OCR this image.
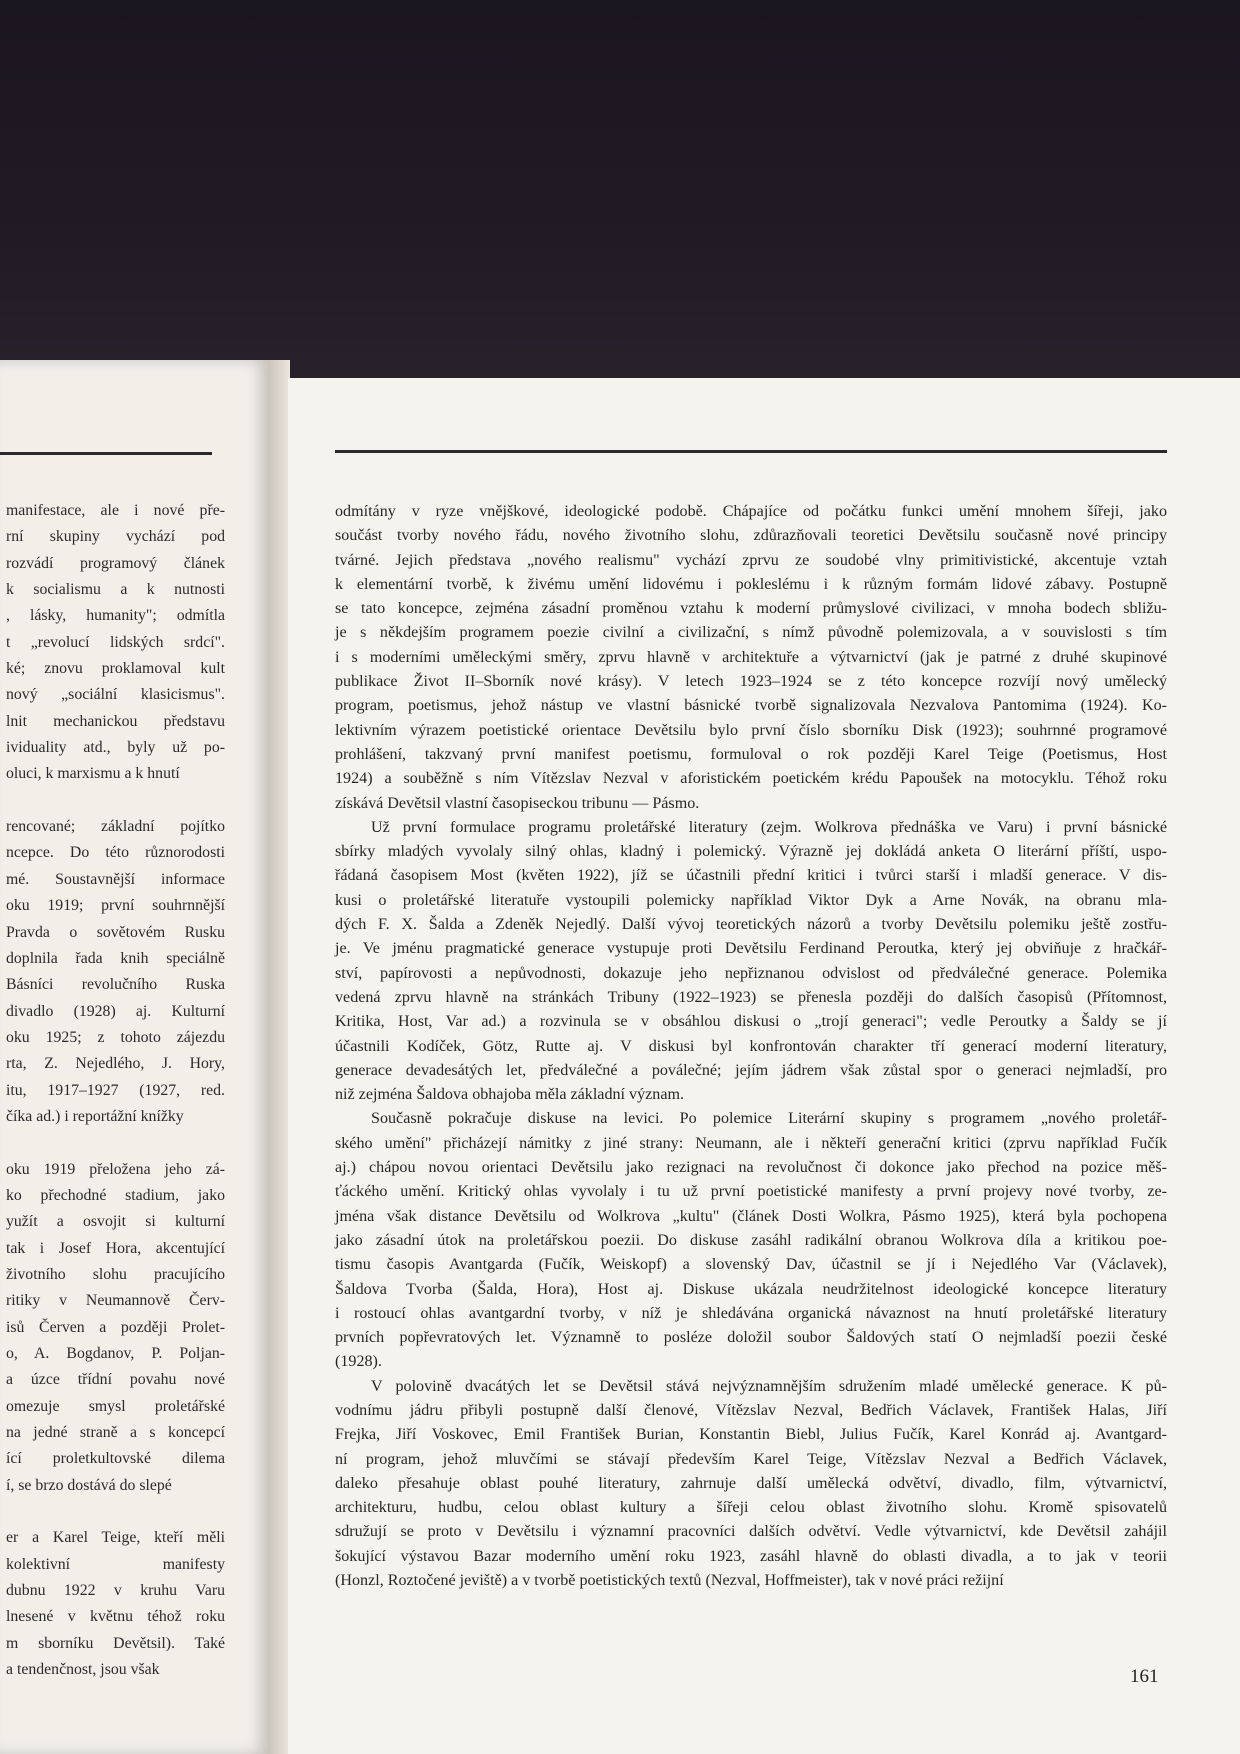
manifestace, ale i nové pře-
rní skupiny vychází pod
rozvádí programový článek
k socialismu a k nutnosti
, lásky, humanity"; odmítla
t „revolucí lidských srdcí".
ké; znovu proklamoval kult
nový „sociální klasicismus".
lnit mechanickou představu
ividuality atd., byly už po-
oluci, k marxismu a k hnutí
rencované; základní pojítko
ncepce. Do této různorodosti
mé. Soustavnější informace
oku 1919; první souhrnnější
Pravda o sovětovém Rusku
doplnila řada knih speciálně
Básníci revolučního Ruska
divadlo (1928) aj. Kulturní
oku 1925; z tohoto zájezdu
rta, Z. Nejedlého, J. Hory,
itu, 1917–1927 (1927, red.
číka ad.) i reportážní knížky
oku 1919 přeložena jeho zá-
ko přechodné stadium, jako
yužít a osvojit si kulturní
tak i Josef Hora, akcentující
životního slohu pracujícího
ritiky v Neumannově Červ-
isů Červen a později Prolet-
o, A. Bogdanov, P. Poljan-
a úzce třídní povahu nové
omezuje smysl proletářské
na jedné straně a s koncepcí
ící proletkultovské dilema
í, se brzo dostává do slepé
er a Karel Teige, kteří měli
kolektivní manifesty
dubnu 1922 v kruhu Varu
lnesené v květnu téhož roku
m sborníku Devětsil). Také
a tendenčnost, jsou však

odmítány v ryze vnějškové, ideologické podobě. Chápajíce od počátku funkci umění mnohem šířeji, jako
součást tvorby nového řádu, nového životního slohu, zdůrazňovali teoretici Devětsilu současně nové principy
tvárné. Jejich představa „nového realismu" vychází zprvu ze soudobé vlny primitivistické, akcentuje vztah
k elementární tvorbě, k živému umění lidovému i pokleslému i k různým formám lidové zábavy. Postupně
se tato koncepce, zejména zásadní proměnou vztahu k moderní průmyslové civilizaci, v mnoha bodech sbližu-
je s někdejším programem poezie civilní a civilizační, s nímž původně polemizovala, a v souvislosti s tím
i s moderními uměleckými směry, zprvu hlavně v architektuře a výtvarnictví (jak je patrné z druhé skupinové
publikace Život II–Sborník nové krásy). V letech 1923–1924 se z této koncepce rozvíjí nový umělecký
program, poetismus, jehož nástup ve vlastní básnické tvorbě signalizovala Nezvalova Pantomima (1924). Ko-
lektivním výrazem poetistické orientace Devětsilu bylo první číslo sborníku Disk (1923); souhrnné programové
prohlášení, takzvaný první manifest poetismu, formuloval o rok později Karel Teige (Poetismus, Host
1924) a souběžně s ním Vítězslav Nezval v aforistickém poetickém krédu Papoušek na motocyklu. Téhož roku
získává Devětsil vlastní časopiseckou tribunu — Pásmo.

Už první formulace programu proletářské literatury (zejm. Wolkrova přednáška ve Varu) i první básnické
sbírky mladých vyvolaly silný ohlas, kladný i polemický. Výrazně jej dokládá anketa O literární příští, uspo-
řádaná časopisem Most (květen 1922), jíž se účastnili přední kritici i tvůrci starší i mladší generace. V dis-
kusi o proletářské literatuře vystoupili polemicky například Viktor Dyk a Arne Novák, na obranu mla-
dých F. X. Šalda a Zdeněk Nejedlý. Další vývoj teoretických názorů a tvorby Devětsilu polemiku ještě zostřu-
je. Ve jménu pragmatické generace vystupuje proti Devětsilu Ferdinand Peroutka, který jej obviňuje z hračkář-
ství, papírovosti a nepůvodnosti, dokazuje jeho nepřiznanou odvislost od předválečné generace. Polemika
vedená zprvu hlavně na stránkách Tribuny (1922–1923) se přenesla později do dalších časopisů (Přítomnost,
Kritika, Host, Var ad.) a rozvinula se v obsáhlou diskusi o „trojí generaci"; vedle Peroutky a Šaldy se jí
účastnili Kodíček, Götz, Rutte aj. V diskusi byl konfrontován charakter tří generací moderní literatury,
generace devadesátých let, předválečné a poválečné; jejím jádrem však zůstal spor o generaci nejmladší, pro
niž zejména Šaldova obhajoba měla základní význam.

Současně pokračuje diskuse na levici. Po polemice Literární skupiny s programem „nového proletář-
ského umění" přicházejí námitky z jiné strany: Neumann, ale i někteří generační kritici (zprvu například Fučík
aj.) chápou novou orientaci Devětsilu jako rezignaci na revolučnost či dokonce jako přechod na pozice měš-
ťáckého umění. Kritický ohlas vyvolaly i tu už první poetistické manifesty a první projevy nové tvorby, ze-
jména však distance Devětsilu od Wolkrova „kultu" (článek Dosti Wolkra, Pásmo 1925), která byla pochopena
jako zásadní útok na proletářskou poezii. Do diskuse zasáhl radikální obranou Wolkrova díla a kritikou poe-
tismu časopis Avantgarda (Fučík, Weiskopf) a slovenský Dav, účastnil se jí i Nejedlého Var (Václavek),
Šaldova Tvorba (Šalda, Hora), Host aj. Diskuse ukázala neudržitelnost ideologické koncepce literatury
i rostoucí ohlas avantgardní tvorby, v níž je shledávána organická návaznost na hnutí proletářské literatury
prvních popřevratových let. Významně to posléze doložil soubor Šaldových statí O nejmladší poezii české
(1928).

V polovině dvacátých let se Devětsil stává nejvýznamnějším sdružením mladé umělecké generace. K pů-
vodnímu jádru přibyli postupně další členové, Vítězslav Nezval, Bedřich Václavek, František Halas, Jiří
Frejka, Jiří Voskovec, Emil František Burian, Konstantin Biebl, Julius Fučík, Karel Konrád aj. Avantgard-
ní program, jehož mluvčími se stávají především Karel Teige, Vítězslav Nezval a Bedřich Václavek,
daleko přesahuje oblast pouhé literatury, zahrnuje další umělecká odvětví, divadlo, film, výtvarnictví,
architekturu, hudbu, celou oblast kultury a šířeji celou oblast životního slohu. Kromě spisovatelů
sdružují se proto v Devětsilu i významní pracovníci dalších odvětví. Vedle výtvarnictví, kde Devětsil zahájil
šokující výstavou Bazar moderního umění roku 1923, zasáhl hlavně do oblasti divadla, a to jak v teorii
(Honzl, Roztočené jeviště) a v tvorbě poetistických textů (Nezval, Hoffmeister), tak v nové práci režijní

161
